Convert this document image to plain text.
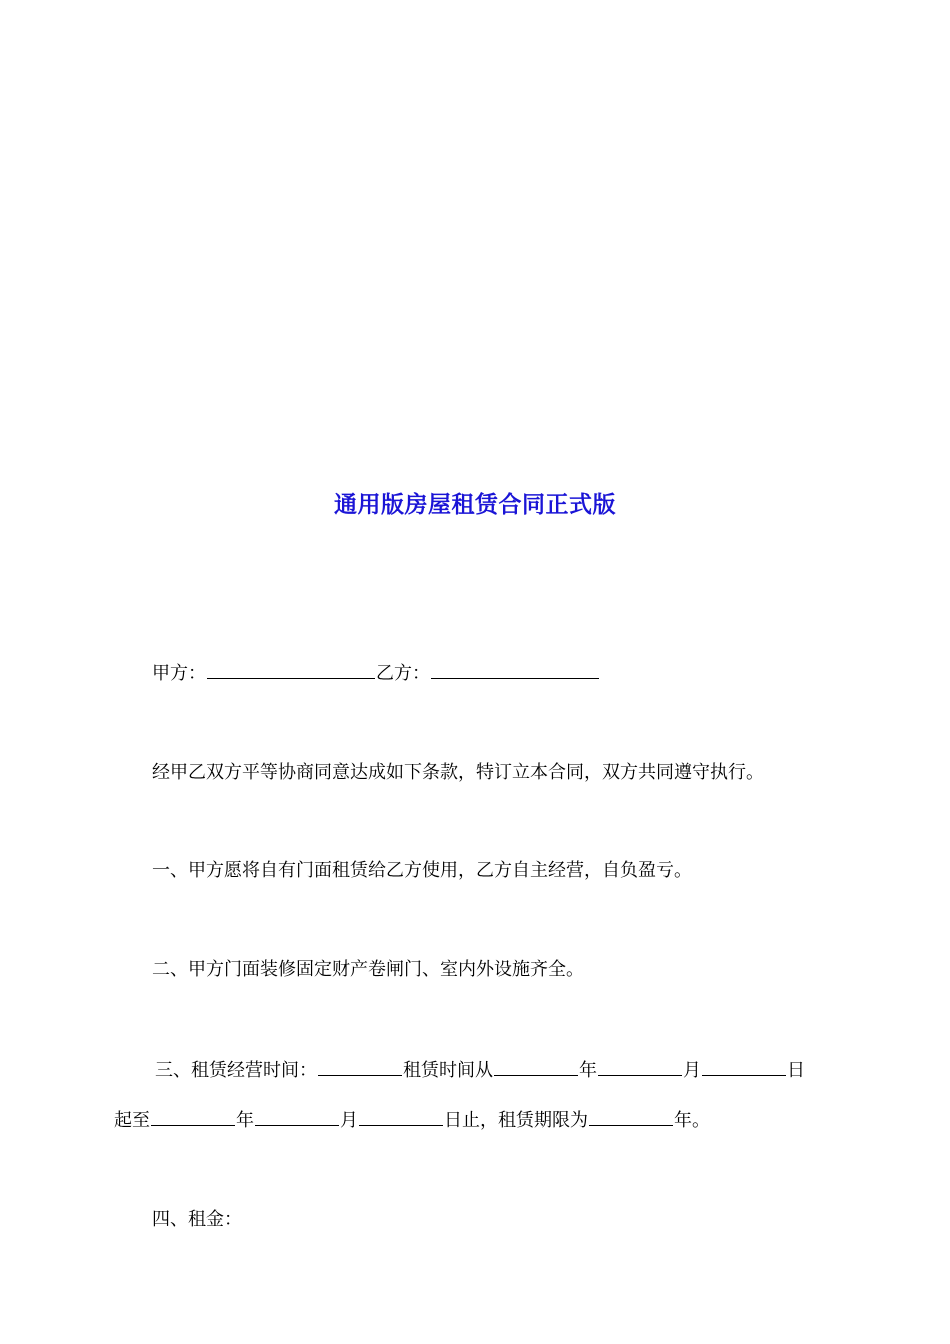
通用版房屋租赁合同正式版

甲方：	乙方：

经甲乙双方平等协商同意达成如下条款，特订立本合同，双方共同遵守执行。

一、甲方愿将自有门面租赁给乙方使用，乙方自主经营，自负盈亏。

二、甲方门面装修固定财产卷闸门、室内外设施齐全。

三、租赁经营时间：	租赁时间从	年	月	日

起至	年	月	日止，租赁期限为	年。

四、租金：
